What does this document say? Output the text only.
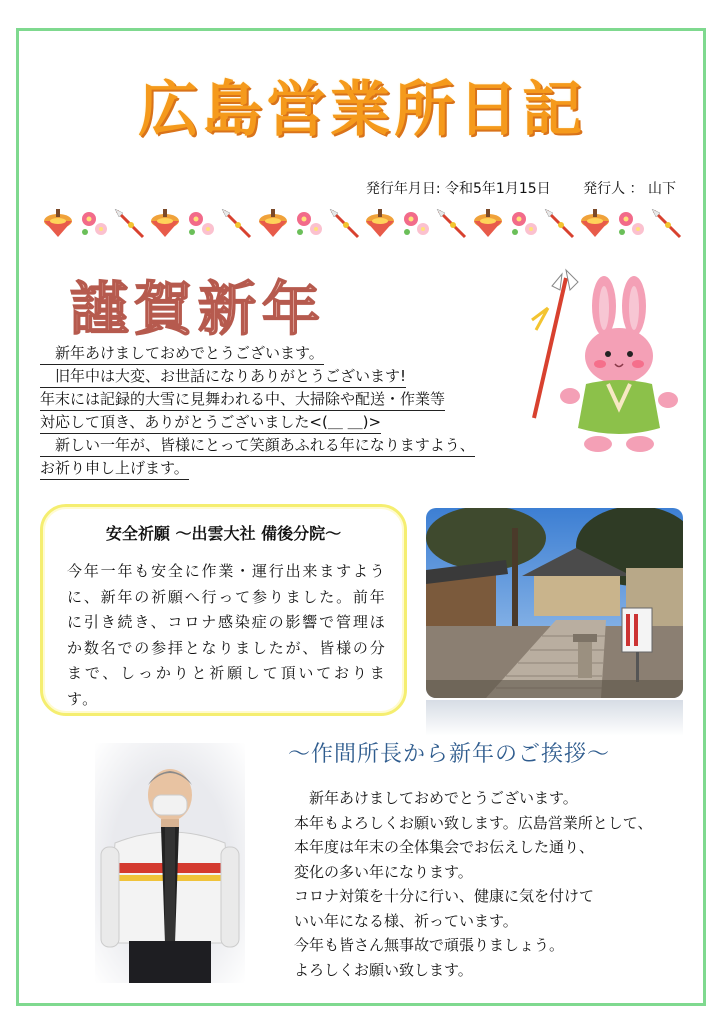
広島営業所日記
発行年月日: 令和5年1月15日 発行人 ： 山下
謹賀新年
　新年あけましておめでとうございます。
　旧年中は大変、お世話になりありがとうございます!
年末には記録的大雪に見舞われる中、大掃除や配送・作業等
対応して頂き、ありがとうございました<(＿ ＿)>
　新しい一年が、皆様にとって笑顔あふれる年になりますよう、
お祈り申し上げます。
安全祈願 ～出雲大社 備後分院～
今年一年も安全に作業・運行出来ますように、新年の祈願へ行って参りました。前年に引き続き、コロナ感染症の影響で管理ほか数名での参拝となりましたが、皆様の分まで、しっかりと祈願して頂いております。
～作間所長から新年のご挨拶～
　新年あけましておめでとうございます。
本年もよろしくお願い致します。広島営業所として、
本年度は年末の全体集会でお伝えした通り、
変化の多い年になります。
コロナ対策を十分に行い、健康に気を付けて
いい年になる様、祈っています。
今年も皆さん無事故で頑張りましょう。
よろしくお願い致します。
